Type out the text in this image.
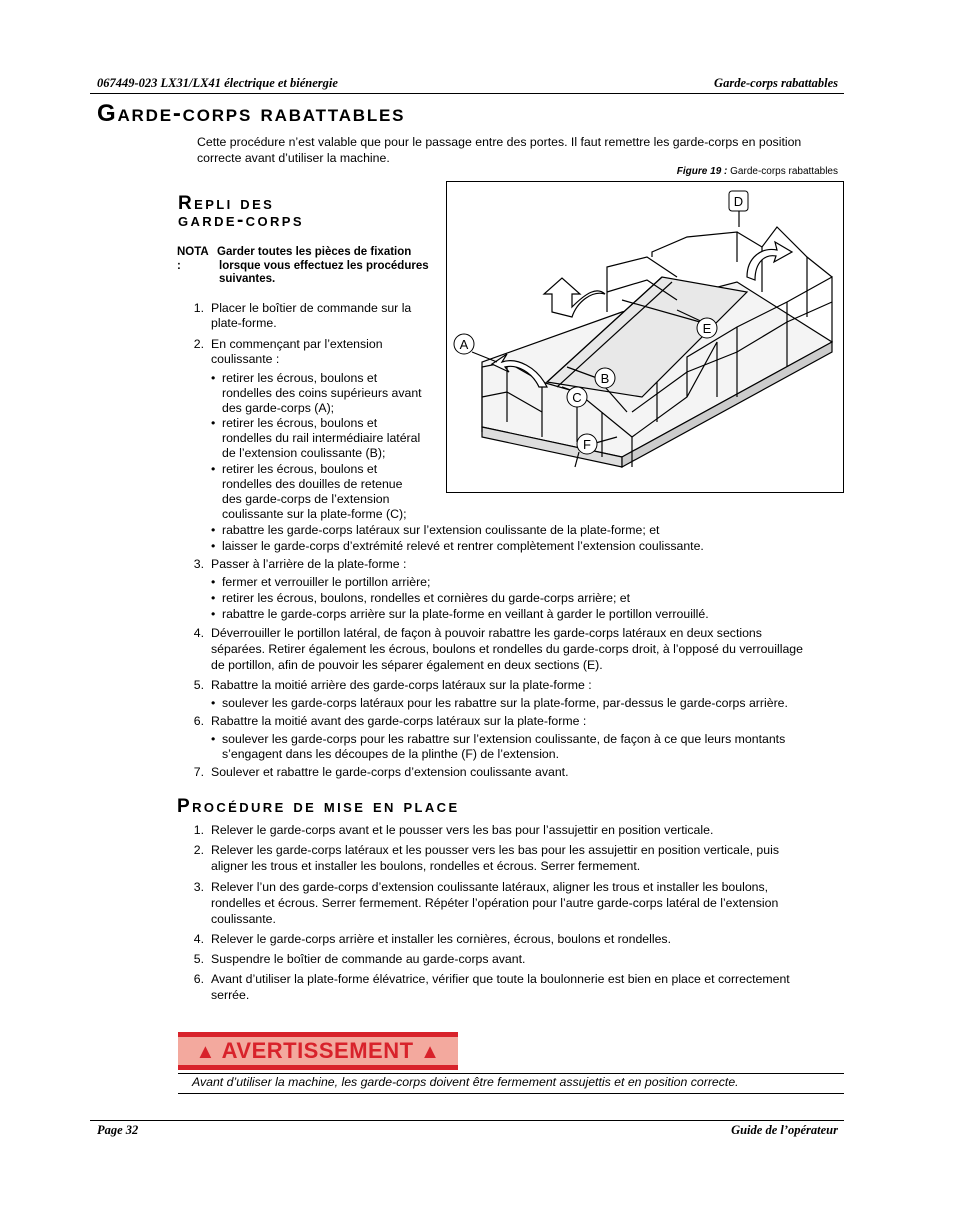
067449-023 LX31/LX41 électrique et biénergie	Garde-corps rabattables
Garde-corps rabattables
Cette procédure n’est valable que pour le passage entre des portes. Il faut remettre les garde-corps en position
correcte avant d’utiliser la machine.
Figure 19 : Garde-corps rabattables
D
E
A
B
C
F
Repli des
garde-corps
NOTA :
Garder toutes les pièces de fixation
lorsque vous effectuez les procédures
suivantes.
1. Placer le boîtier de commande sur la
plate-forme.
2. En commençant par l’extension
coulissante :
• retirer les écrous, boulons et
rondelles des coins supérieurs avant
des garde-corps (A);
• retirer les écrous, boulons et
rondelles du rail intermédiaire latéral
de l’extension coulissante (B);
• retirer les écrous, boulons et
rondelles des douilles de retenue
des garde-corps de l’extension
coulissante sur la plate-forme (C);
• rabattre les garde-corps latéraux sur l’extension coulissante de la plate-forme; et
• laisser le garde-corps d’extrémité relevé et rentrer complètement l’extension coulissante.
3. Passer à l’arrière de la plate-forme :
• fermer et verrouiller le portillon arrière;
• retirer les écrous, boulons, rondelles et cornières du garde-corps arrière; et
• rabattre le garde-corps arrière sur la plate-forme en veillant à garder le portillon verrouillé.
4. Déverrouiller le portillon latéral, de façon à pouvoir rabattre les garde-corps latéraux en deux sections
séparées. Retirer également les écrous, boulons et rondelles du garde-corps droit, à l’opposé du verrouillage
de portillon, afin de pouvoir les séparer également en deux sections (E).
5. Rabattre la moitié arrière des garde-corps latéraux sur la plate-forme :
• soulever les garde-corps latéraux pour les rabattre sur la plate-forme, par-dessus le garde-corps arrière.
6. Rabattre la moitié avant des garde-corps latéraux sur la plate-forme :
• soulever les garde-corps pour les rabattre sur l’extension coulissante, de façon à ce que leurs montants
s’engagent dans les découpes de la plinthe (F) de l’extension.
7. Soulever et rabattre le garde-corps d’extension coulissante avant.
Procédure de mise en place
1. Relever le garde-corps avant et le pousser vers les bas pour l’assujettir en position verticale.
2. Relever les garde-corps latéraux et les pousser vers les bas pour les assujettir en position verticale, puis
aligner les trous et installer les boulons, rondelles et écrous. Serrer fermement.
3. Relever l’un des garde-corps d’extension coulissante latéraux, aligner les trous et installer les boulons,
rondelles et écrous. Serrer fermement. Répéter l’opération pour l’autre garde-corps latéral de l’extension
coulissante.
4. Relever le garde-corps arrière et installer les cornières, écrous, boulons et rondelles.
5. Suspendre le boîtier de commande au garde-corps avant.
6. Avant d’utiliser la plate-forme élévatrice, vérifier que toute la boulonnerie est bien en place et correctement
serrée.
▲ AVERTISSEMENT ▲
Avant d’utiliser la machine, les garde-corps doivent être fermement assujettis et en position correcte.
Page 32	Guide de l’opérateur
